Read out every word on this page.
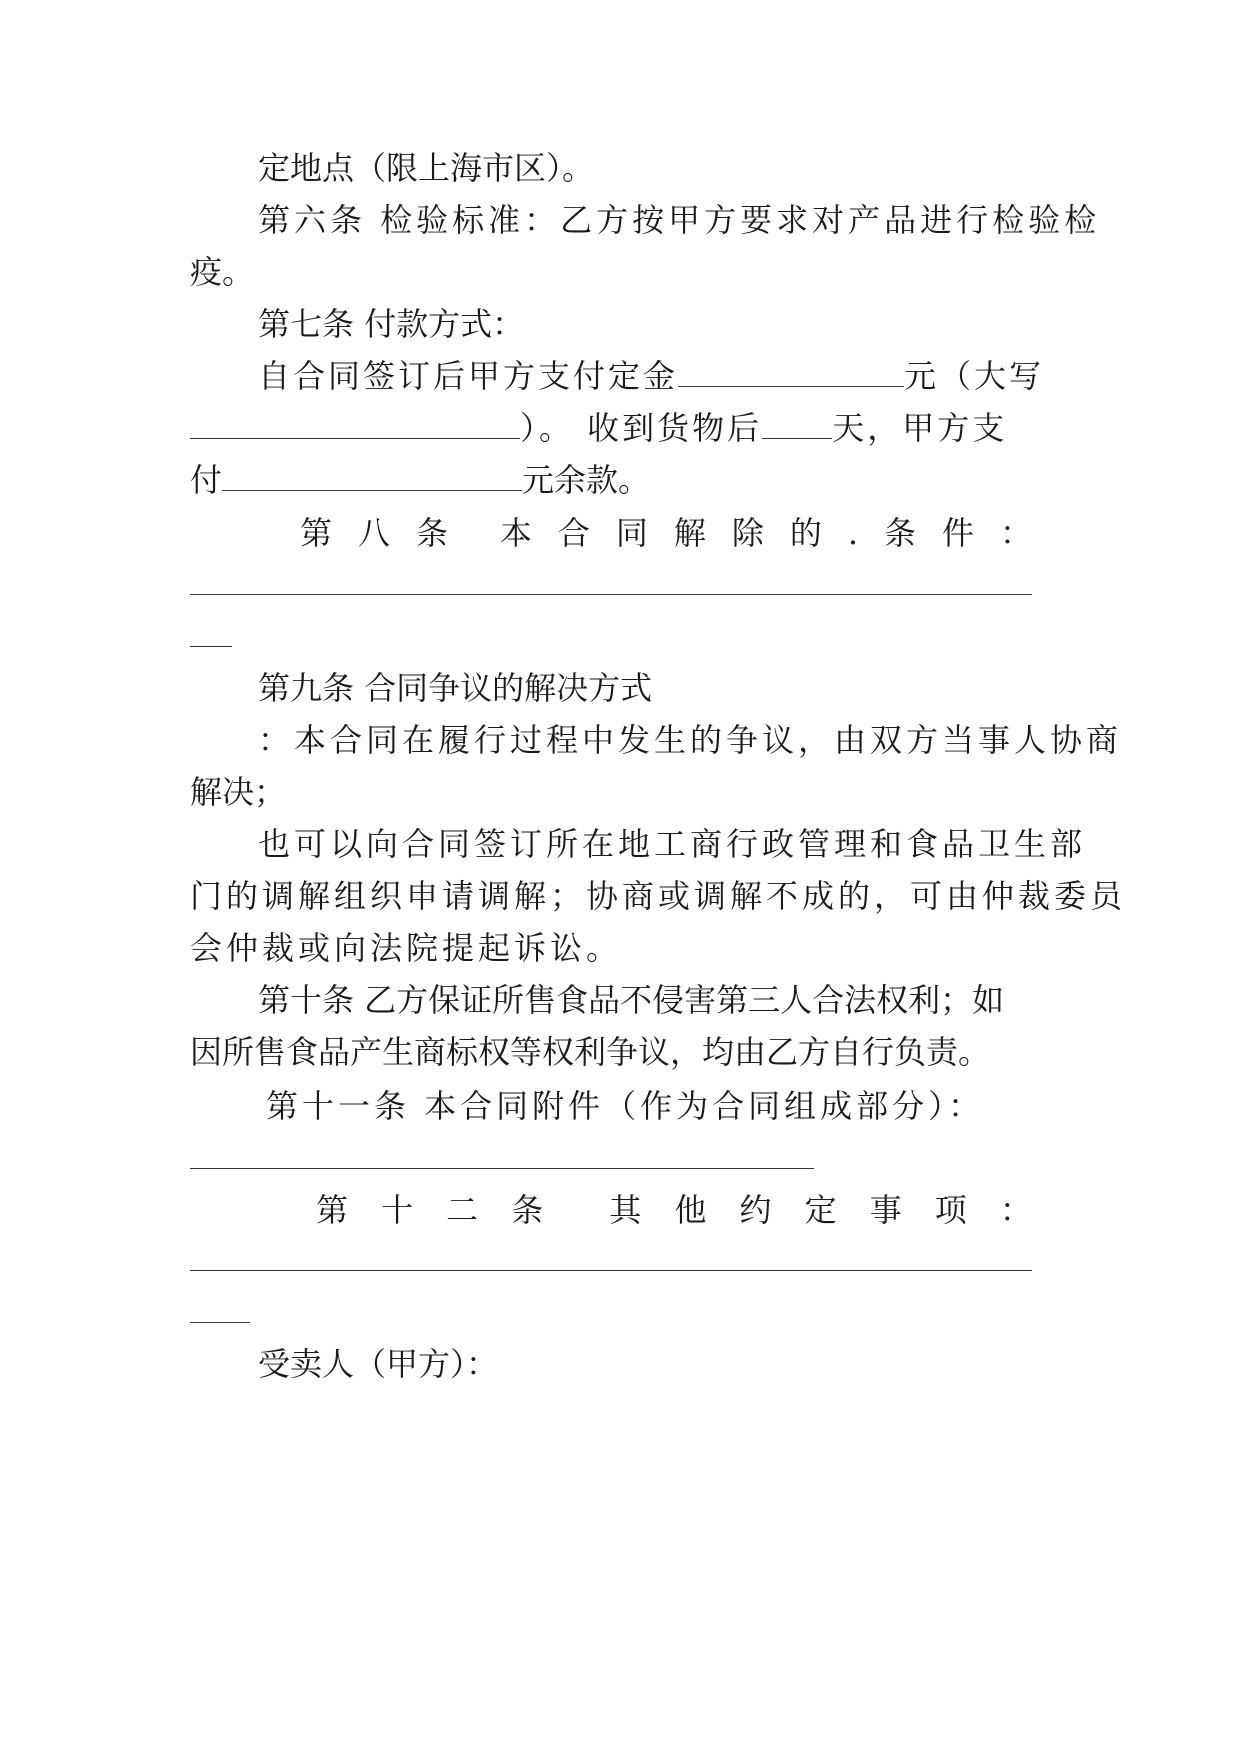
定地点（限上海市区）。
第六条 检验标准：乙方按甲方要求对产品进行检验检
疫。
第七条 付款方式：
自合同签订后甲方支付定金	元（大写
）。 收到货物后 天，甲方支
付	元余款。
第 八 条 本 合 同 解 除 的 . 条 件 ：
第九条 合同争议的解决方式
：本合同在履行过程中发生的争议，由双方当事人协商
解决；
也可以向合同签订所在地工商行政管理和食品卫生部
门的调解组织申请调解；协商或调解不成的，可由仲裁委员
会仲裁或向法院提起诉讼。
第十条 乙方保证所售食品不侵害第三人合法权利；如
因所售食品产生商标权等权利争议，均由乙方自行负责。
第十一条 本合同附件（作为合同组成部分）：
第 十 二 条 其 他 约 定 事 项 ：
受卖人（甲方）：
